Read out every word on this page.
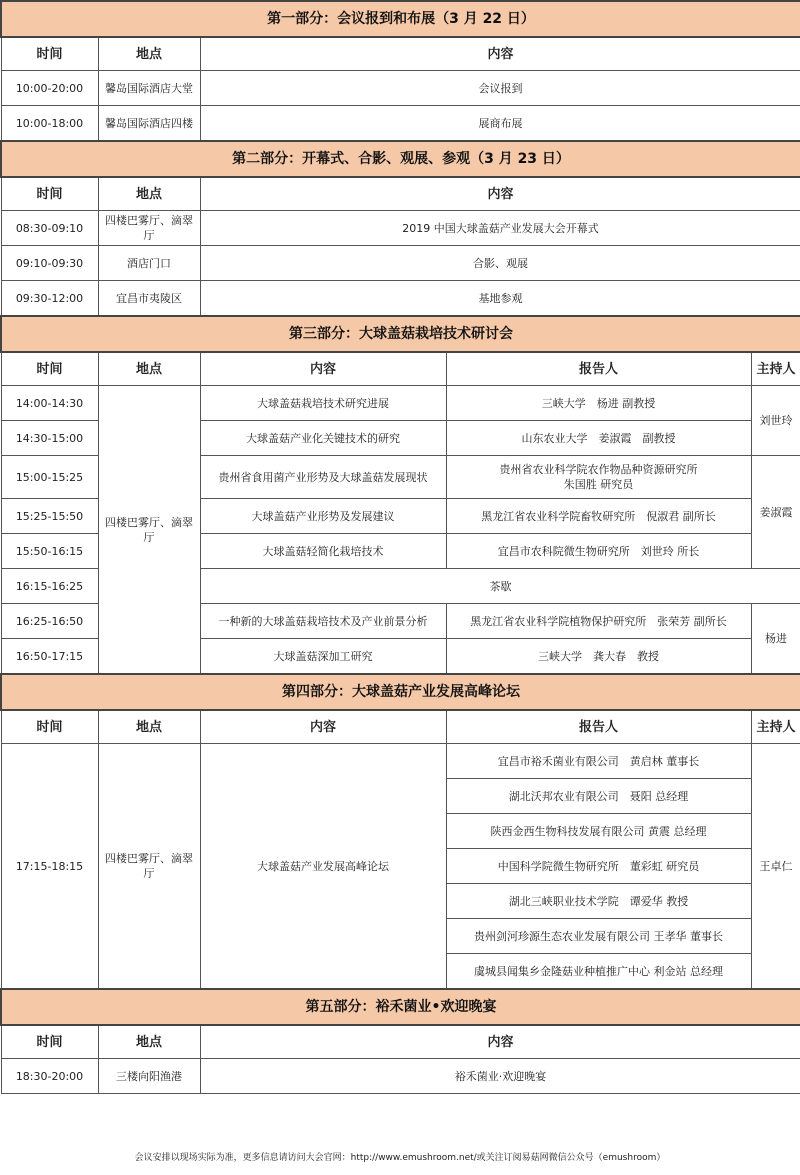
第一部分：会议报到和布展（3 月 22 日）				
时间	地点	内容		
10:00-20:00	馨岛国际酒店大堂	会议报到		
10:00-18:00	馨岛国际酒店四楼	展商布展		
第二部分：开幕式、合影、观展、参观（3 月 23 日）				
时间	地点	内容		
08:30-09:10	四楼巴雾厅、滴翠厅	2019 中国大球盖菇产业发展大会开幕式		
09:10-09:30	酒店门口	合影、观展		
09:30-12:00	宜昌市夷陵区	基地参观		
第三部分：大球盖菇栽培技术研讨会				
时间	地点	内容	报告人	主持人
14:00-14:30	四楼巴雾厅、滴翠厅	大球盖菇栽培技术研究进展	三峡大学　杨进 副教授	刘世玲
14:30-15:00		大球盖菇产业化关键技术的研究	山东农业大学　姜淑霞　副教授	
15:00-15:25		贵州省食用菌产业形势及大球盖菇发展现状	贵州省农业科学院农作物品种资源研究所
朱国胜 研究员	姜淑霞
15:25-15:50		大球盖菇产业形势及发展建议	黑龙江省农业科学院畜牧研究所　倪淑君 副所长	
15:50-16:15		大球盖菇轻简化栽培技术	宜昌市农科院微生物研究所　刘世玲 所长	
16:15-16:25		茶歇		
16:25-16:50		一种新的大球盖菇栽培技术及产业前景分析	黑龙江省农业科学院植物保护研究所　张荣芳 副所长	杨进
16:50-17:15		大球盖菇深加工研究	三峡大学　龚大春　教授	
第四部分：大球盖菇产业发展高峰论坛				
时间	地点	内容	报告人	主持人
17:15-18:15	四楼巴雾厅、滴翠厅	大球盖菇产业发展高峰论坛	宜昌市裕禾菌业有限公司　黄启林 董事长	王卓仁
			湖北沃邦农业有限公司　聂阳 总经理	
			陕西金西生物科技发展有限公司 黄震 总经理	
			中国科学院微生物研究所　董彩虹 研究员	
			湖北三峡职业技术学院　谭爱华 教授	
			贵州剑河珍源生态农业发展有限公司 王孝华 董事长	
			虞城县闻集乡金隆菇业种植推广中心 利金站 总经理	
第五部分：裕禾菌业•欢迎晚宴				
时间	地点	内容		
18:30-20:00	三楼向阳渔港	裕禾菌业·欢迎晚宴		
会议安排以现场实际为准，更多信息请访问大会官网：http://www.emushroom.net/或关注订阅易菇网微信公众号（emushroom）
